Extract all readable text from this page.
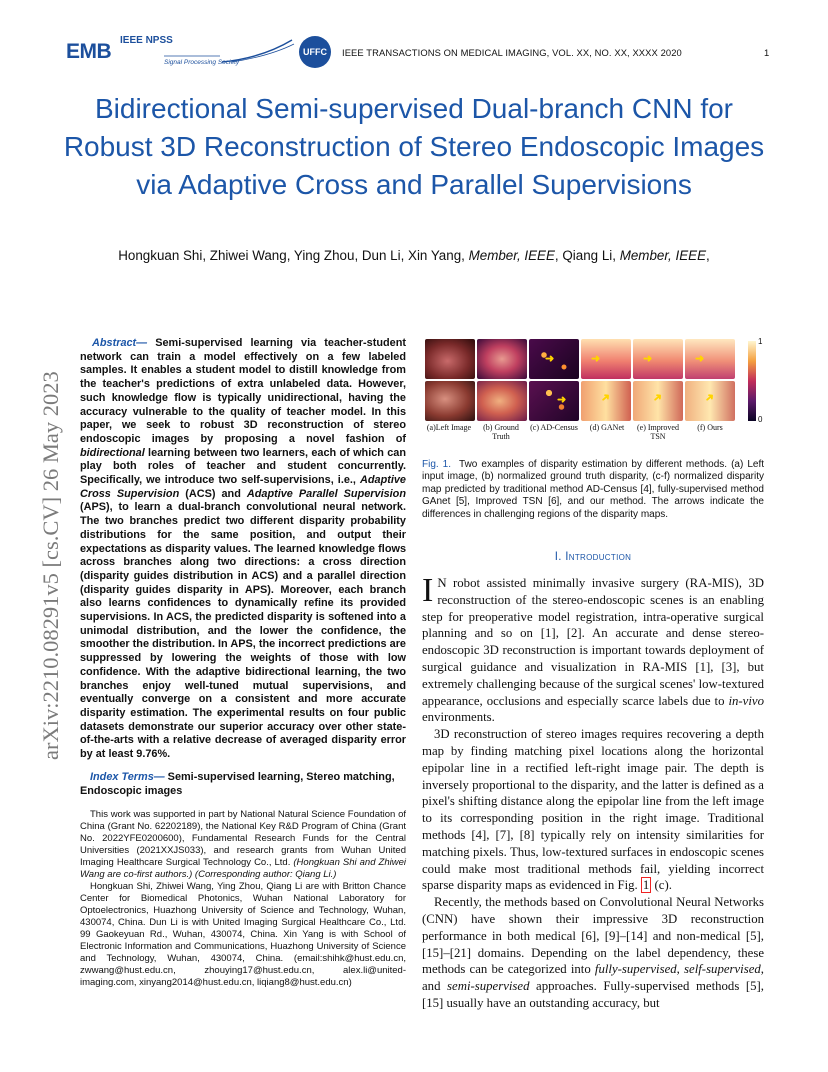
EMB IEEE NPSS
Signal Processing Society
UFFC	IEEE TRANSACTIONS ON MEDICAL IMAGING, VOL. XX, NO. XX, XXXX 2020	1
Bidirectional Semi-supervised Dual-branch CNN for Robust 3D Reconstruction of Stereo Endoscopic Images via Adaptive Cross and Parallel Supervisions
Hongkuan Shi, Zhiwei Wang, Ying Zhou, Dun Li, Xin Yang, Member, IEEE, Qiang Li, Member, IEEE,
arXiv:2210.08291v5 [cs.CV] 26 May 2023

Abstract— Semi-supervised learning via teacher-student network can train a model effectively on a few labeled samples. It enables a student model to distill knowledge from the teacher's predictions of extra unlabeled data. However, such knowledge flow is typically unidirectional, having the accuracy vulnerable to the quality of teacher model. In this paper, we seek to robust 3D reconstruction of stereo endoscopic images by proposing a novel fashion of bidirectional learning between two learners, each of which can play both roles of teacher and student concurrently. Specifically, we introduce two self-supervisions, i.e., Adaptive Cross Supervision (ACS) and Adaptive Parallel Supervision (APS), to learn a dual-branch convolutional neural network. The two branches predict two different disparity probability distributions for the same position, and output their expectations as disparity values. The learned knowledge flows across branches along two directions: a cross direction (disparity guides distribution in ACS) and a parallel direction (disparity guides disparity in APS). Moreover, each branch also learns confidences to dynamically refine its provided supervisions. In ACS, the predicted disparity is softened into a unimodal distribution, and the lower the confidence, the smoother the distribution. In APS, the incorrect predictions are suppressed by lowering the weights of those with low confidence. With the adaptive bidirectional learning, the two branches enjoy well-tuned mutual supervisions, and eventually converge on a consistent and more accurate disparity estimation. The experimental results on four public datasets demonstrate our superior accuracy over other state-of-the-arts with a relative decrease of averaged disparity error by at least 9.76%.

Index Terms— Semi-supervised learning, Stereo matching, Endoscopic images

This work was supported in part by National Natural Science Foundation of China (Grant No. 62202189), the National Key R&D Program of China (Grant No. 2022YFE0200600), Fundamental Research Funds for the Central Universities (2021XXJS033), and research grants from Wuhan United Imaging Healthcare Surgical Technology Co., Ltd. (Hongkuan Shi and Zhiwei Wang are co-first authors.) (Corresponding author: Qiang Li.)

Hongkuan Shi, Zhiwei Wang, Ying Zhou, Qiang Li are with Britton Chance Center for Biomedical Photonics, Wuhan National Laboratory for Optoelectronics, Huazhong University of Science and Technology, Wuhan, 430074, China. Dun Li is with United Imaging Surgical Healthcare Co., Ltd. 99 Gaokeyuan Rd., Wuhan, 430074, China. Xin Yang is with School of Electronic Information and Communications, Huazhong University of Science and Technology, Wuhan, 430074, China. (email:shihk@hust.edu.cn, zwwang@hust.edu.cn, zhouying17@hust.edu.cn, alex.li@united-imaging.com, xinyang2014@hust.edu.cn, liqiang8@hust.edu.cn)

➜	➜	➜	➜
➜	➜	➜	➜
1
0
(a)Left Image	(b) Ground Truth
(c) AD-Census	(d) GANet	(e) Improved TSN
(f) Ours
Fig. 1. Two examples of disparity estimation by different methods. (a) Left input image, (b) normalized ground truth disparity, (c-f) normalized disparity map predicted by traditional method AD-Census [4], fully-supervised method GAnet [5], Improved TSN [6], and our method. The arrows indicate the differences in challenging regions of the disparity maps.
I. Introduction

I N robot assisted minimally invasive surgery (RA-MIS), 3D reconstruction of the stereo-endoscopic scenes is an enabling step for preoperative model registration, intra-operative surgical planning and so on [1], [2]. An accurate and dense stereo-endoscopic 3D reconstruction is important towards deployment of surgical guidance and visualization in RA-MIS [1], [3], but extremely challenging because of the surgical scenes' low-textured appearance, occlusions and especially scarce labels due to in-vivo environments.

3D reconstruction of stereo images requires recovering a depth map by finding matching pixel locations along the horizontal epipolar line in a rectified left-right image pair. The depth is inversely proportional to the disparity, and the latter is defined as a pixel's shifting distance along the epipolar line from the left image to its corresponding position in the right image. Traditional methods [4], [7], [8] typically rely on intensity similarities for matching pixels. Thus, low-textured surfaces in endoscopic scenes could make most traditional methods fail, yielding incorrect sparse disparity maps as evidenced in Fig. 1 (c).

Recently, the methods based on Convolutional Neural Networks (CNN) have shown their impressive 3D reconstruction performance in both medical [6], [9]–[14] and non-medical [5], [15]–[21] domains. Depending on the label dependency, these methods can be categorized into fully-supervised, self-supervised, and semi-supervised approaches. Fully-supervised methods [5], [15] usually have an outstanding accuracy, but
